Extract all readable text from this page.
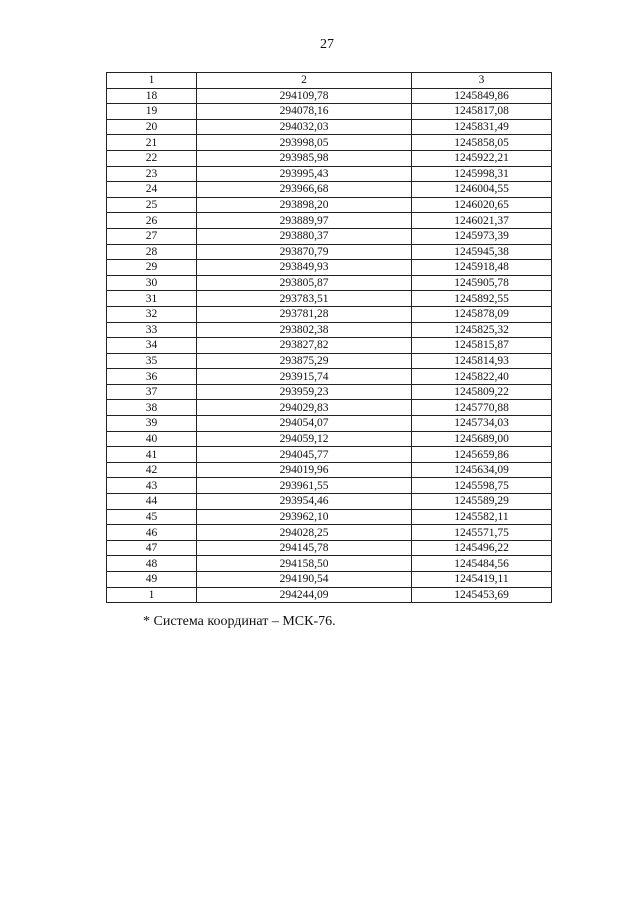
27
1	2	3
18	294109,78	1245849,86
19	294078,16	1245817,08
20	294032,03	1245831,49
21	293998,05	1245858,05
22	293985,98	1245922,21
23	293995,43	1245998,31
24	293966,68	1246004,55
25	293898,20	1246020,65
26	293889,97	1246021,37
27	293880,37	1245973,39
28	293870,79	1245945,38
29	293849,93	1245918,48
30	293805,87	1245905,78
31	293783,51	1245892,55
32	293781,28	1245878,09
33	293802,38	1245825,32
34	293827,82	1245815,87
35	293875,29	1245814,93
36	293915,74	1245822,40
37	293959,23	1245809,22
38	294029,83	1245770,88
39	294054,07	1245734,03
40	294059,12	1245689,00
41	294045,77	1245659,86
42	294019,96	1245634,09
43	293961,55	1245598,75
44	293954,46	1245589,29
45	293962,10	1245582,11
46	294028,25	1245571,75
47	294145,78	1245496,22
48	294158,50	1245484,56
49	294190,54	1245419,11
1	294244,09	1245453,69
* Система координат – МСК-76.
